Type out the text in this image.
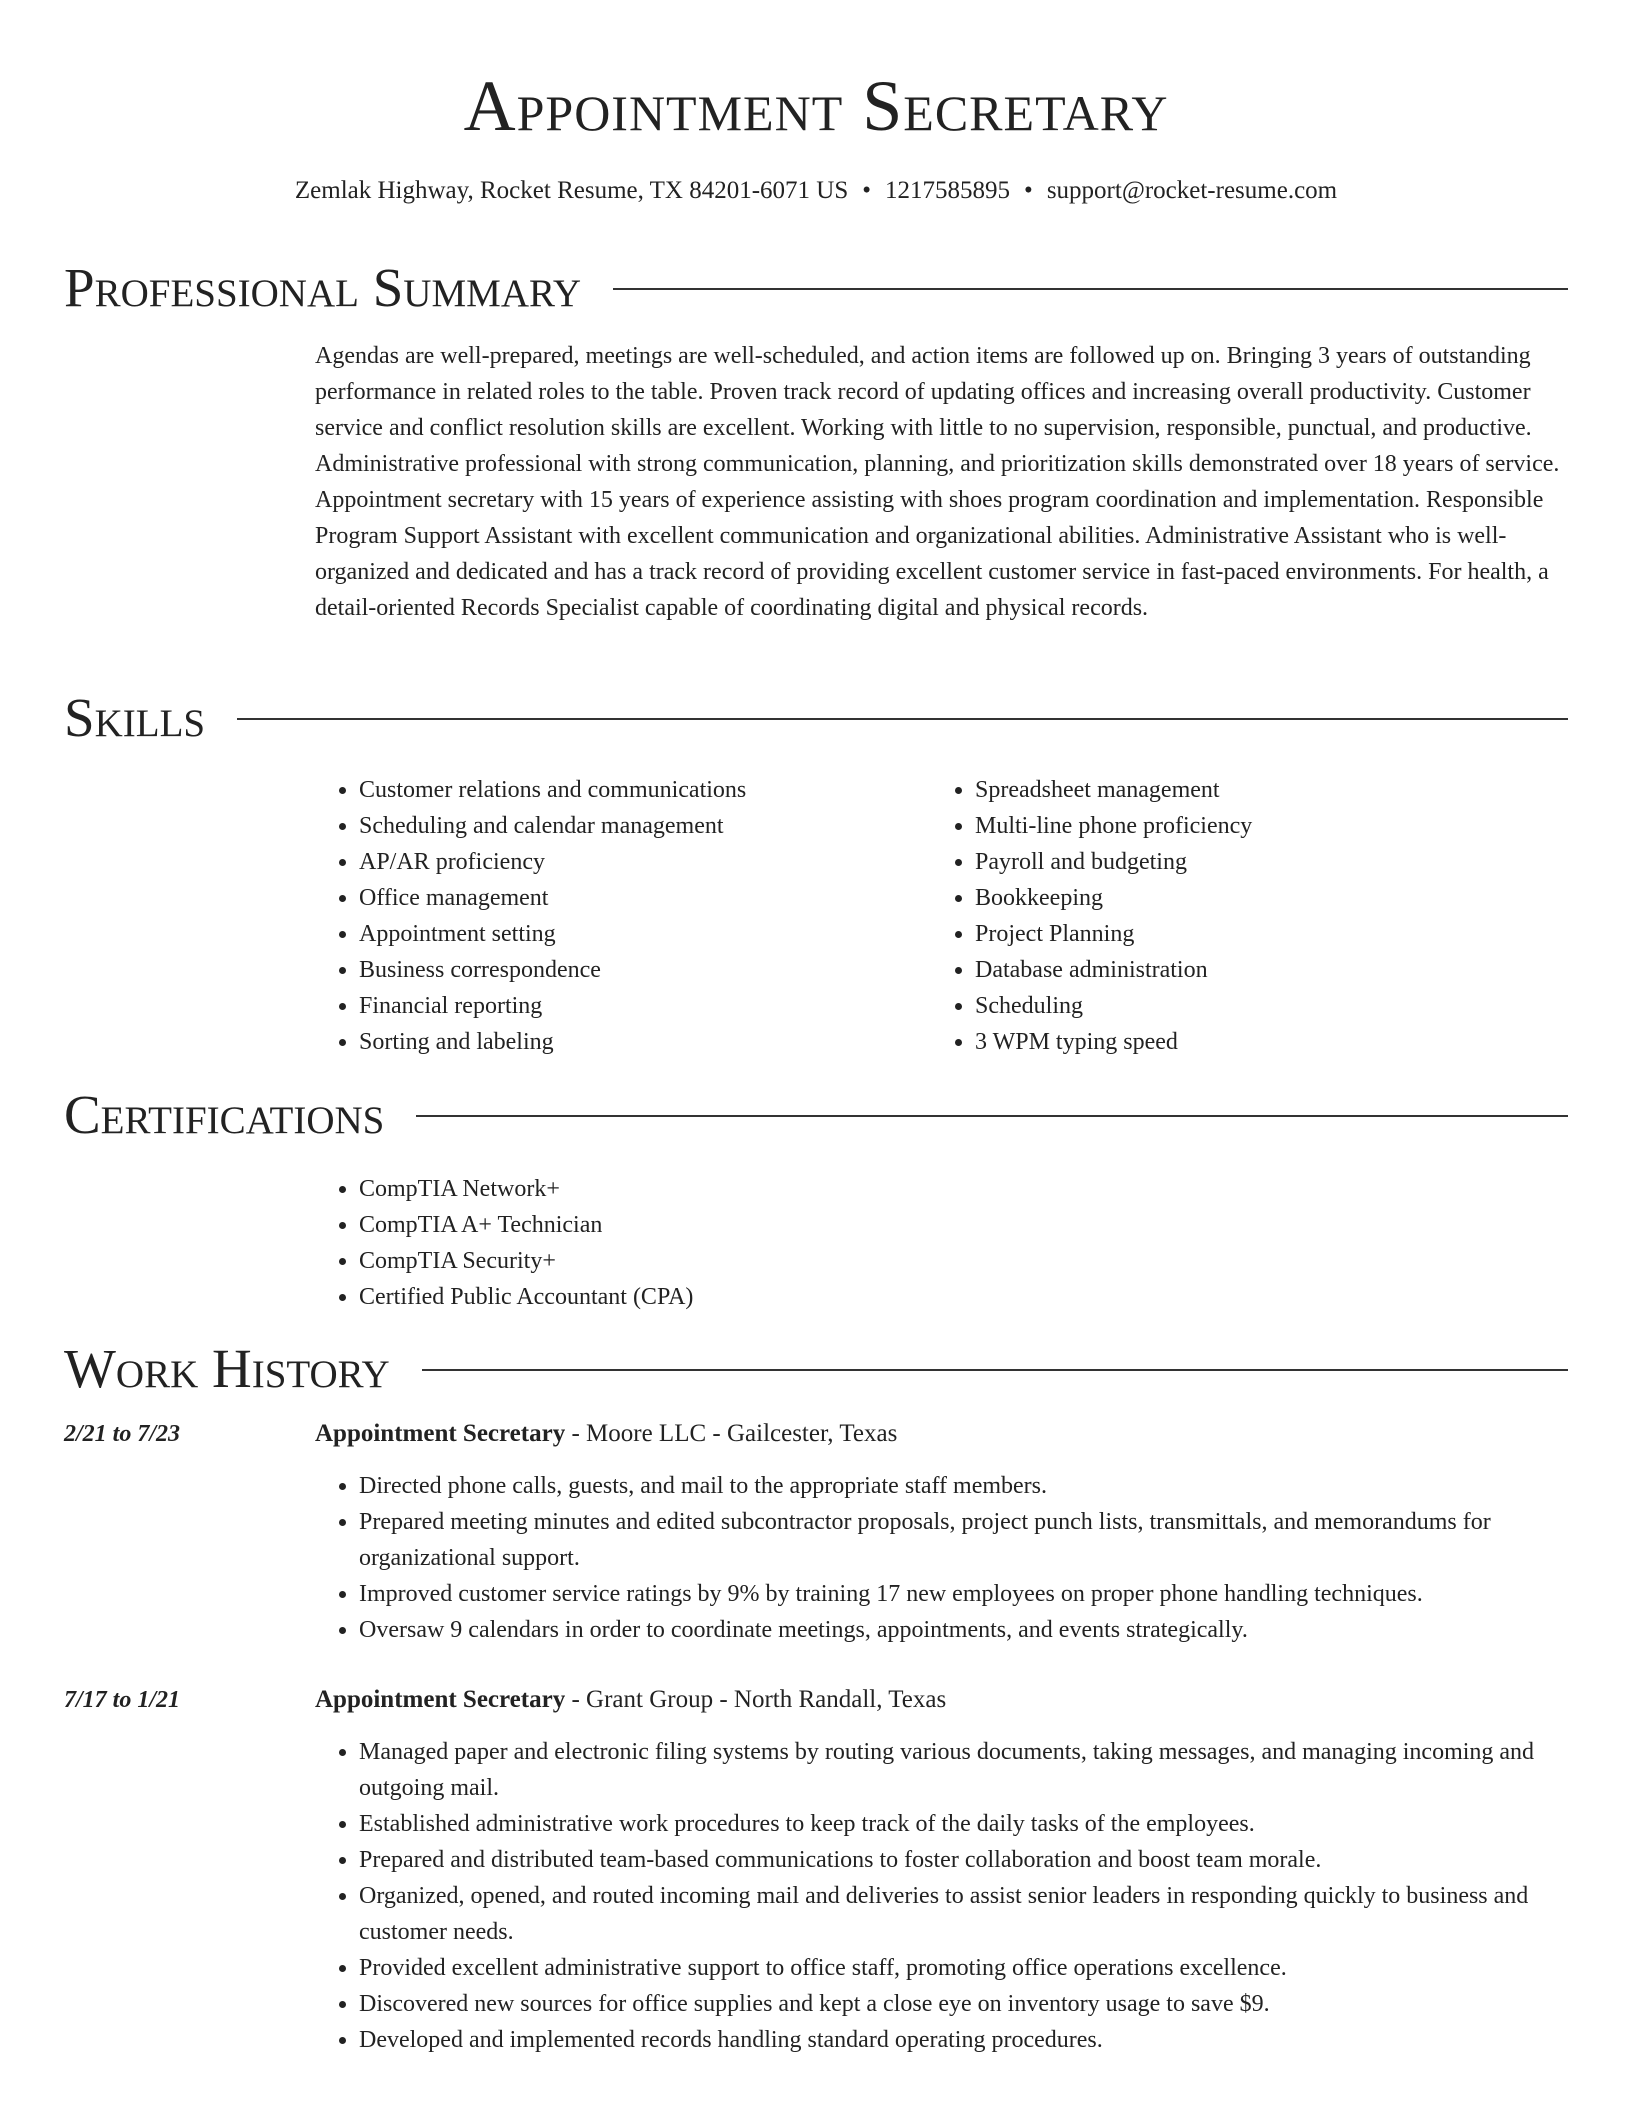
Appointment Secretary
Zemlak Highway, Rocket Resume, TX 84201-6071 US • 1217585895 • support@rocket-resume.com
Professional Summary
Agendas are well-prepared, meetings are well-scheduled, and action items are followed up on. Bringing 3 years of outstanding performance in related roles to the table. Proven track record of updating offices and increasing overall productivity. Customer service and conflict resolution skills are excellent. Working with little to no supervision, responsible, punctual, and productive. Administrative professional with strong communication, planning, and prioritization skills demonstrated over 18 years of service. Appointment secretary with 15 years of experience assisting with shoes program coordination and implementation. Responsible Program Support Assistant with excellent communication and organizational abilities. Administrative Assistant who is well-organized and dedicated and has a track record of providing excellent customer service in fast-paced environments. For health, a detail-oriented Records Specialist capable of coordinating digital and physical records.
Skills
• Customer relations and communications
• Scheduling and calendar management
• AP/AR proficiency
• Office management
• Appointment setting
• Business correspondence
• Financial reporting
• Sorting and labeling
• Spreadsheet management
• Multi-line phone proficiency
• Payroll and budgeting
• Bookkeeping
• Project Planning
• Database administration
• Scheduling
• 3 WPM typing speed
Certifications
• CompTIA Network+
• CompTIA A+ Technician
• CompTIA Security+
• Certified Public Accountant (CPA)
Work History
2/21 to 7/23	Appointment Secretary - Moore LLC - Gailcester, Texas
• Directed phone calls, guests, and mail to the appropriate staff members.
• Prepared meeting minutes and edited subcontractor proposals, project punch lists, transmittals, and memorandums for organizational support.
• Improved customer service ratings by 9% by training 17 new employees on proper phone handling techniques.
• Oversaw 9 calendars in order to coordinate meetings, appointments, and events strategically.
7/17 to 1/21	Appointment Secretary - Grant Group - North Randall, Texas
• Managed paper and electronic filing systems by routing various documents, taking messages, and managing incoming and outgoing mail.
• Established administrative work procedures to keep track of the daily tasks of the employees.
• Prepared and distributed team-based communications to foster collaboration and boost team morale.
• Organized, opened, and routed incoming mail and deliveries to assist senior leaders in responding quickly to business and customer needs.
• Provided excellent administrative support to office staff, promoting office operations excellence.
• Discovered new sources for office supplies and kept a close eye on inventory usage to save $9.
• Developed and implemented records handling standard operating procedures.
